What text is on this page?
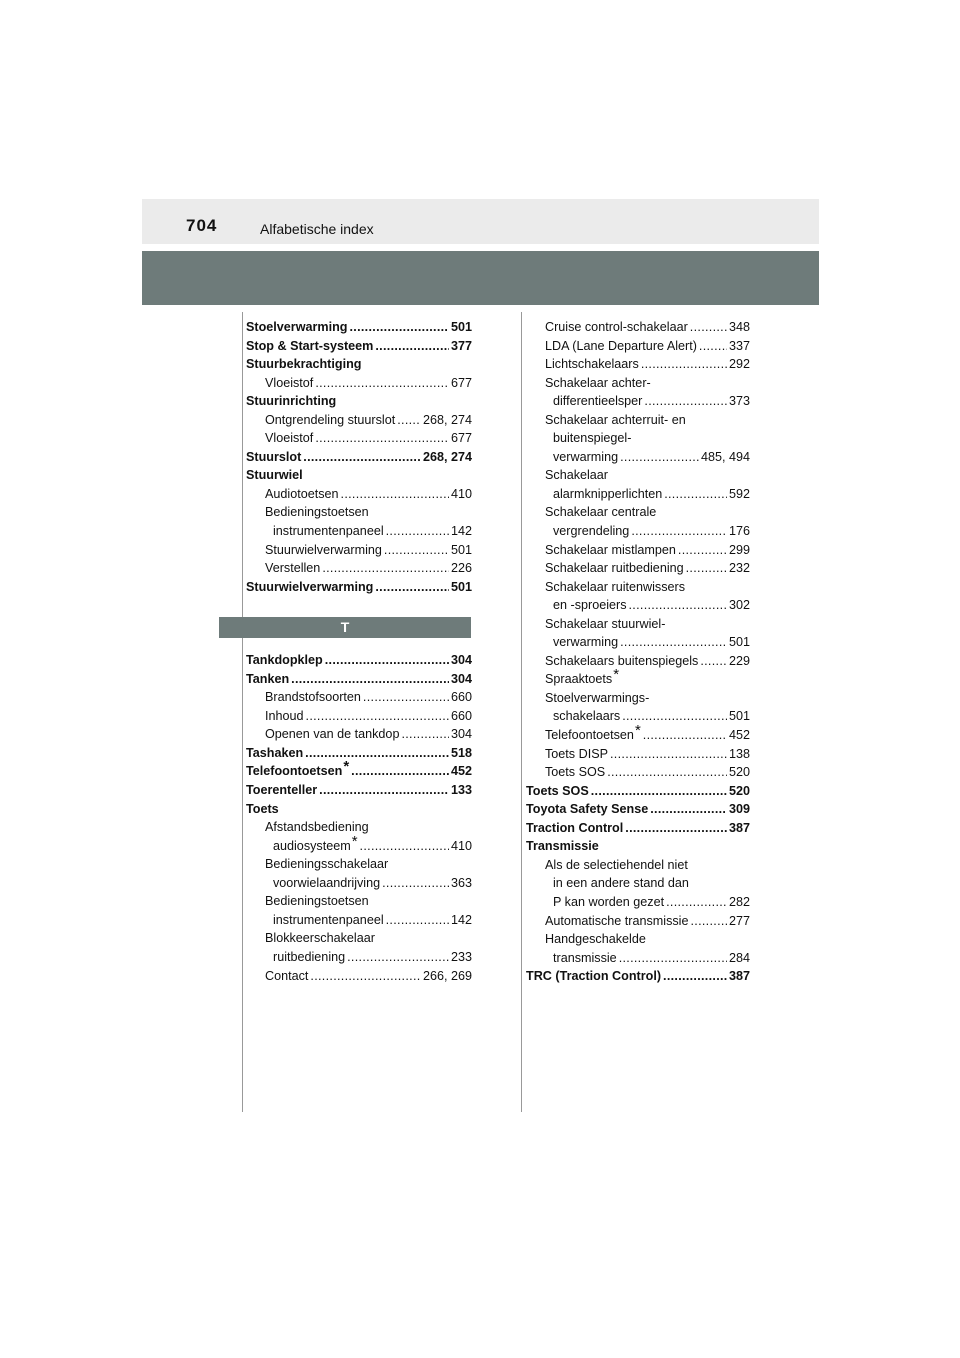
704	Alfabetische index
Stoelverwarming . . .	501
Stop & Start-systeem . . .	377
Stuurbekrachtiging
Vloeistof . . .	677
Stuurinrichting
Ontgrendeling stuurslot . . . 268, 274
Vloeistof . . .	677
Stuurslot . . .	268, 274
Stuurwiel
Audiotoetsen . . .	410
Bedieningstoetsen
instrumentenpaneel . . .	142
Stuurwielverwarming . . .	501
Verstellen . . .	226
Stuurwielverwarming . . .	501
Tankdopklep . . .	304
Tanken . . .	304
Brandstofsoorten . . .	660
Inhoud . . .	660
Openen van de tankdop . . .	304
Tashaken . . .	518
Telefoontoetsen * . . .	452
Toerenteller . . .	133
Toets
Afstandsbediening
audiosysteem * . . .	410
Bedieningsschakelaar
voorwielaandrijving . . .	363
Bedieningstoetsen
instrumentenpaneel . . .	142
Blokkeerschakelaar
ruitbediening . . .	233
Contact . . .	266, 269
T
Cruise control-schakelaar . . .	348
LDA (Lane Departure Alert) . . .	337
Lichtschakelaars . . .	292
Schakelaar achter-
differentieelsper . . .	373
Schakelaar achterruit- en
buitenspiegel-
verwarming . . .	485, 494
Schakelaar
alarmknipperlichten . . .	592
Schakelaar centrale
vergrendeling . . .	176
Schakelaar mistlampen . . .	299
Schakelaar ruitbediening . . .	232
Schakelaar ruitenwissers
en -sproeiers . . .	302
Schakelaar stuurwiel-
verwarming . . .	501
Schakelaars buitenspiegels . . . 229
Spraaktoets *
Stoelverwarmings-
schakelaars . . .	501
Telefoontoetsen * . . .	452
Toets DISP . . .	138
Toets SOS . . .	520
Toets SOS . . .	520
Toyota Safety Sense . . .	309
Traction Control . . .	387
Transmissie
Als de selectiehendel niet
in een andere stand dan
P kan worden gezet . . .	282
Automatische transmissie . . .	277
Handgeschakelde
transmissie . . .	284
TRC (Traction Control) . . .	387
